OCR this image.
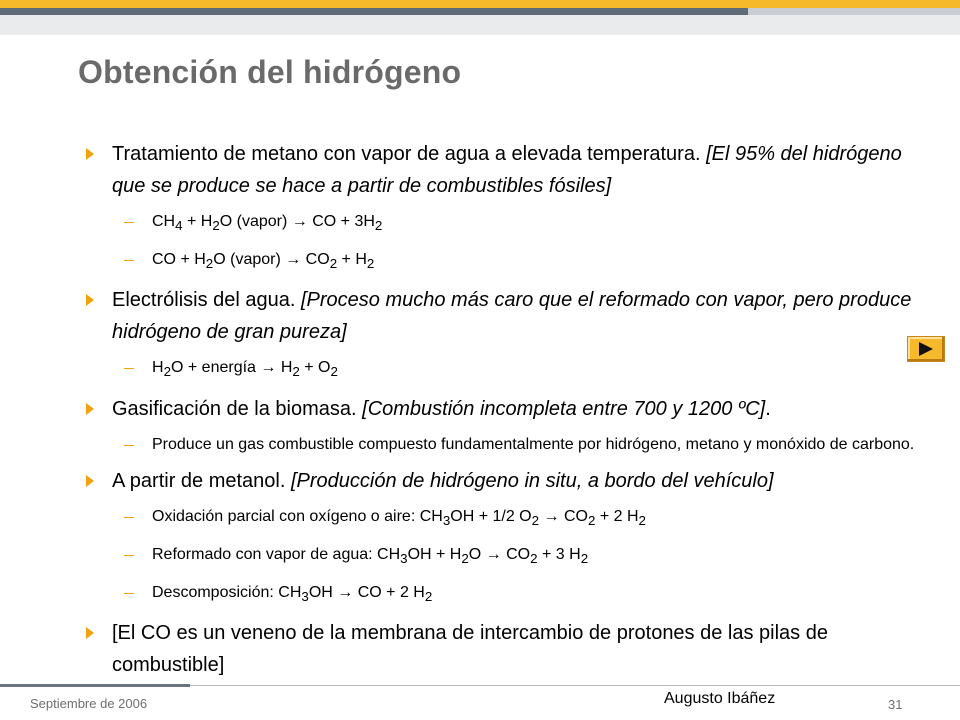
Obtención del hidrógeno
Tratamiento de metano con vapor de agua a elevada temperatura. [El 95% del hidrógeno que se produce se hace a partir de combustibles fósiles]
$CH_4 + H_2O$ (vapor) → CO + $3H_2$
CO + $H_2O$ (vapor) → $CO_2 + H_2$
Electrólisis del agua. [Proceso mucho más caro que el reformado con vapor, pero produce hidrógeno de gran pureza]
$H_2O$ + energía → $H_2 + O_2$
Gasificación de la biomasa. [Combustión incompleta entre 700 y 1200 ºC].
Produce un gas combustible compuesto fundamentalmente por hidrógeno, metano y monóxido de carbono.
A partir de metanol. [Producción de hidrógeno in situ, a bordo del vehículo]
Oxidación parcial con oxígeno o aire: $CH_3OH + 1/2$ $O_2 \to CO_2 + 2$ $H_2$
Reformado con vapor de agua: $CH_3OH + H_2O \to CO_2 + 3$ $H_2$
Descomposición: $CH_3OH$ → CO + 2 $H_2$
[El CO es un veneno de la membrana de intercambio de protones de las pilas de combustible]
Septiembre de 2006	Augusto Ibáñez	31
